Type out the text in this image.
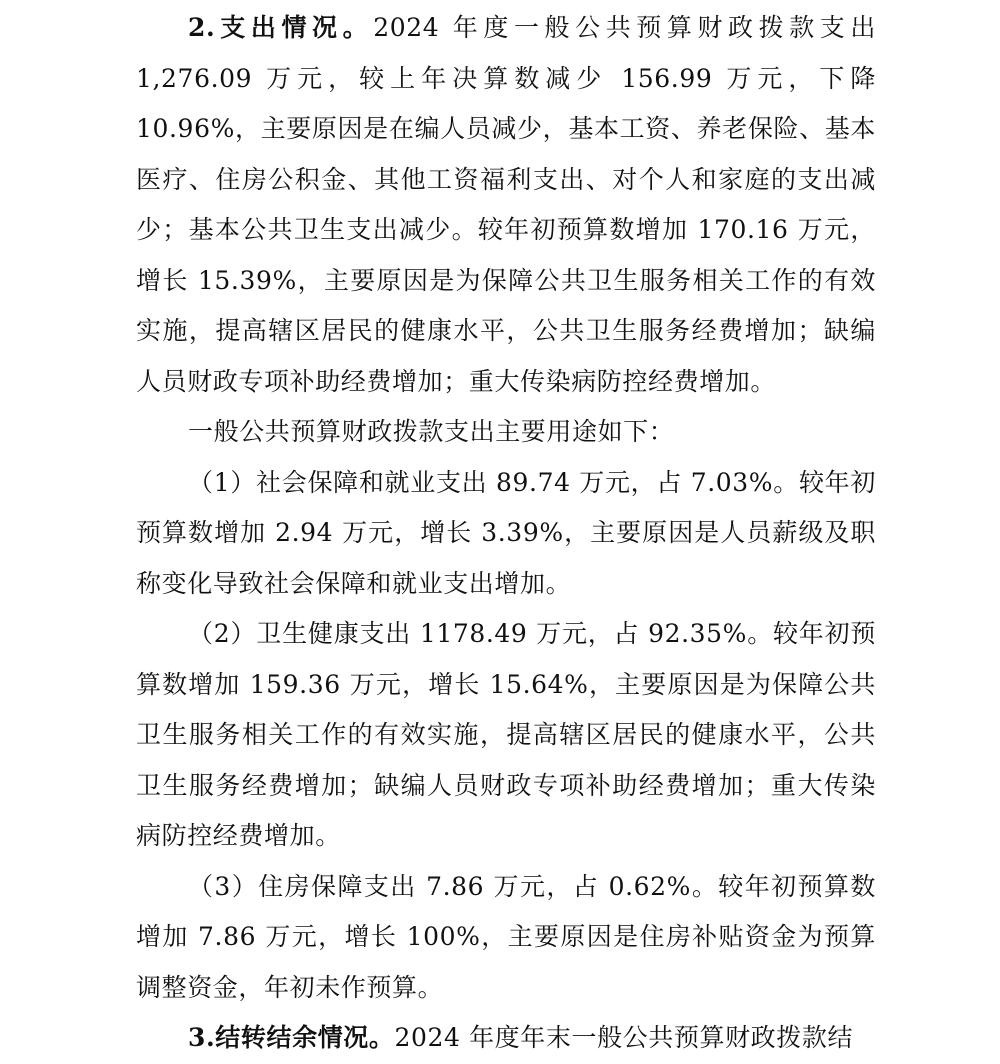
2.支出情况。2024 年度一般公共预算财政拨款支出 1,276.09 万元，较上年决算数减少 156.99 万元，下降 10.96%，主要原因是在编人员减少，基本工资、养老保险、基本医疗、住房公积金、其他工资福利支出、对个人和家庭的支出减少；基本公共卫生支出减少。较年初预算数增加 170.16 万元，增长 15.39%，主要原因是为保障公共卫生服务相关工作的有效实施，提高辖区居民的健康水平，公共卫生服务经费增加；缺编人员财政专项补助经费增加；重大传染病防控经费增加。

一般公共预算财政拨款支出主要用途如下：

（1）社会保障和就业支出 89.74 万元，占 7.03%。较年初预算数增加 2.94 万元，增长 3.39%，主要原因是人员薪级及职称变化导致社会保障和就业支出增加。

（2）卫生健康支出 1178.49 万元，占 92.35%。较年初预算数增加 159.36 万元，增长 15.64%，主要原因是为保障公共卫生服务相关工作的有效实施，提高辖区居民的健康水平，公共卫生服务经费增加；缺编人员财政专项补助经费增加；重大传染病防控经费增加。

（3）住房保障支出 7.86 万元，占 0.62%。较年初预算数增加 7.86 万元，增长 100%，主要原因是住房补贴资金为预算调整资金，年初未作预算。

3.结转结余情况。2024 年度年末一般公共预算财政拨款结
